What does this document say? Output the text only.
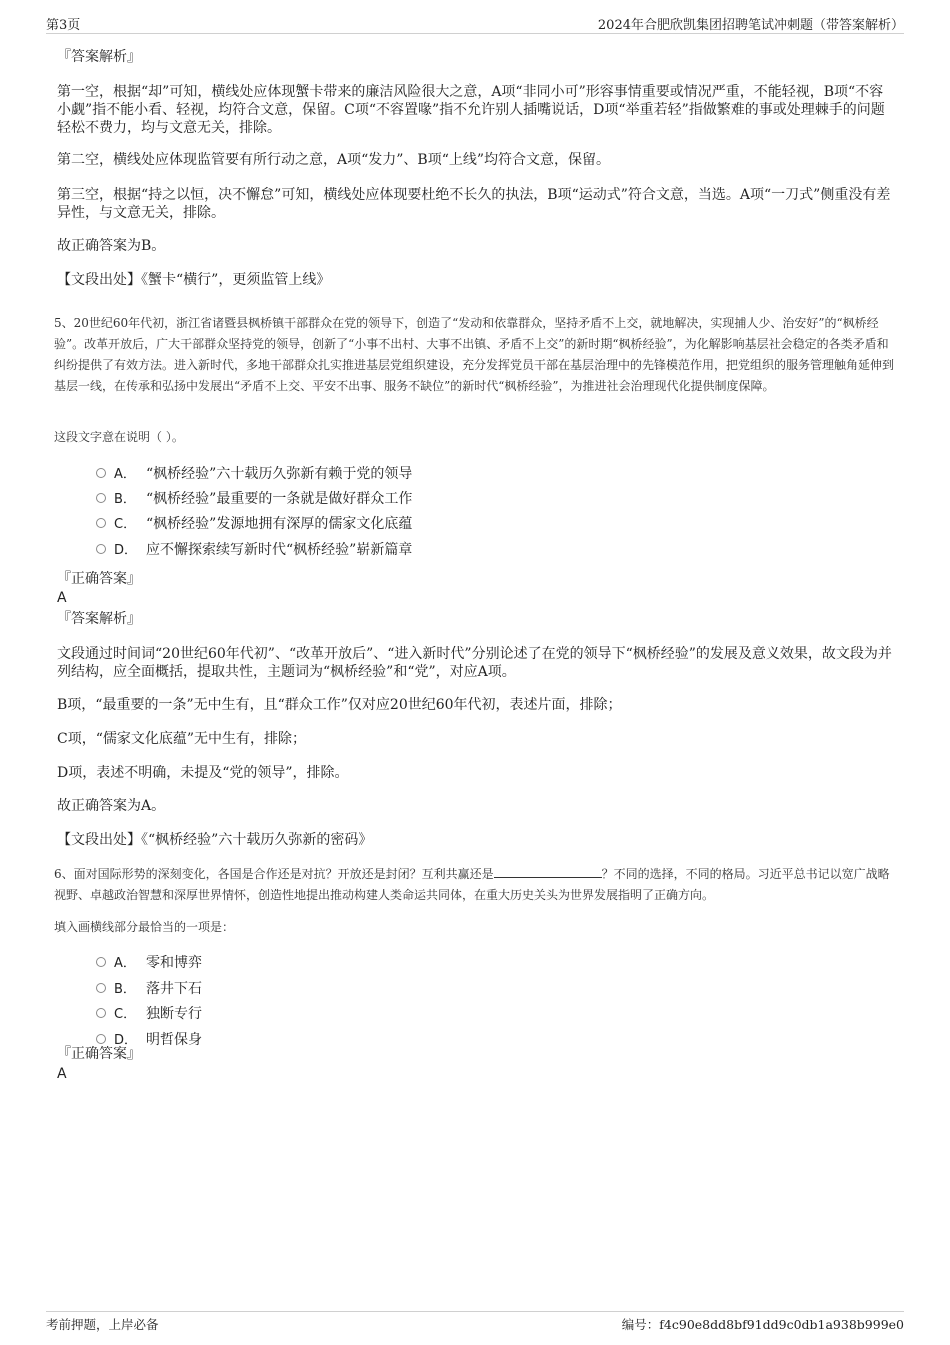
第3页	2024年合肥欣凯集团招聘笔试冲刺题（带答案解析）
『答案解析』
第一空，根据“却”可知，横线处应体现蟹卡带来的廉洁风险很大之意，A项“非同小可”形容事情重要或情况严重，不能轻视，B项“不容小觑”指不能小看、轻视，均符合文意，保留。C项“不容置喙”指不允许别人插嘴说话，D项“举重若轻”指做繁难的事或处理棘手的问题轻松不费力，均与文意无关，排除。
第二空，横线处应体现监管要有所行动之意，A项“发力”、B项“上线”均符合文意，保留。
第三空，根据“持之以恒，决不懈怠”可知，横线处应体现要杜绝不长久的执法，B项“运动式”符合文意，当选。A项“一刀式”侧重没有差异性，与文意无关，排除。
故正确答案为B。
【文段出处】《蟹卡“横行”，更须监管上线》
5、20世纪60年代初，浙江省诸暨县枫桥镇干部群众在党的领导下，创造了“发动和依靠群众，坚持矛盾不上交，就地解决，实现捕人少、治安好”的“枫桥经验”。改革开放后，广大干部群众坚持党的领导，创新了“小事不出村、大事不出镇、矛盾不上交”的新时期“枫桥经验”，为化解影响基层社会稳定的各类矛盾和纠纷提供了有效方法。进入新时代，多地干部群众扎实推进基层党组织建设，充分发挥党员干部在基层治理中的先锋模范作用，把党组织的服务管理触角延伸到基层一线，在传承和弘扬中发展出“矛盾不上交、平安不出事、服务不缺位”的新时代“枫桥经验”，为推进社会治理现代化提供制度保障。
这段文字意在说明（ ）。
A． “枫桥经验”六十载历久弥新有赖于党的领导
B． “枫桥经验”最重要的一条就是做好群众工作
C． “枫桥经验”发源地拥有深厚的儒家文化底蕴
D． 应不懈探索续写新时代“枫桥经验”崭新篇章
『正确答案』
A
『答案解析』
文段通过时间词“20世纪60年代初”、“改革开放后”、“进入新时代”分别论述了在党的领导下“枫桥经验”的发展及意义效果，故文段为并列结构，应全面概括，提取共性，主题词为“枫桥经验”和“党”，对应A项。
B项，“最重要的一条”无中生有，且“群众工作”仅对应20世纪60年代初，表述片面，排除；
C项，“儒家文化底蕴”无中生有，排除；
D项，表述不明确，未提及“党的领导”，排除。
故正确答案为A。
【文段出处】《“枫桥经验”六十载历久弥新的密码》
6、面对国际形势的深刻变化，各国是合作还是对抗？开放还是封闭？互利共赢还是	？不同的选择，不同的格局。习近平总书记以宽广战略视野、卓越政治智慧和深厚世界情怀，创造性地提出推动构建人类命运共同体，在重大历史关头为世界发展指明了正确方向。
填入画横线部分最恰当的一项是：
A． 零和博弈
B． 落井下石
C． 独断专行
D． 明哲保身
『正确答案』
A
考前押题，上岸必备	编号：f4c90e8dd8bf91dd9c0db1a938b999e0
